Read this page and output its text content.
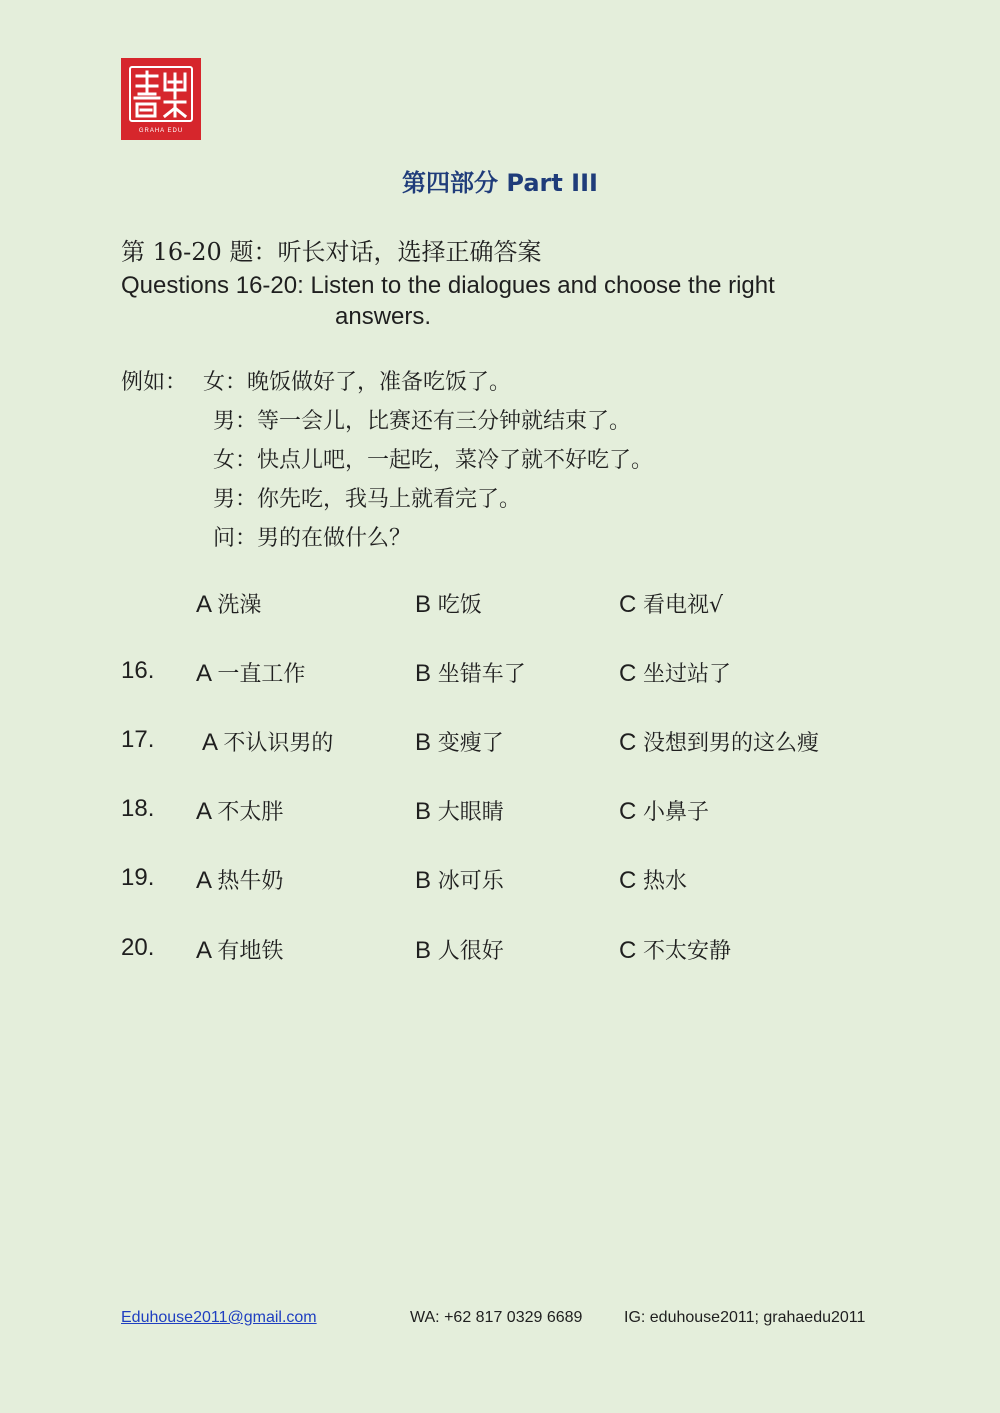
GRAHA EDU
第四部分 Part III
第 16-20 题：听长对话，选择正确答案
Questions 16-20: Listen to the dialogues and choose the right
answers.
例如： 女：晚饭做好了，准备吃饭了。
男：等一会儿，比赛还有三分钟就结束了。
女：快点儿吧，一起吃，菜冷了就不好吃了。
男：你先吃，我马上就看完了。
问：男的在做什么？
A 洗澡	B 吃饭	C 看电视√
16. A 一直工作	B 坐错车了	C 坐过站了
17. A 不认识男的	B 变瘦了	C 没想到男的这么瘦
18. A 不太胖	B 大眼睛	C 小鼻子
19. A 热牛奶	B 冰可乐	C 热水
20. A 有地铁	B 人很好	C 不太安静
Eduhouse2011@gmail.com	WA: +62 817 0329 6689	IG: eduhouse2011; grahaedu2011
